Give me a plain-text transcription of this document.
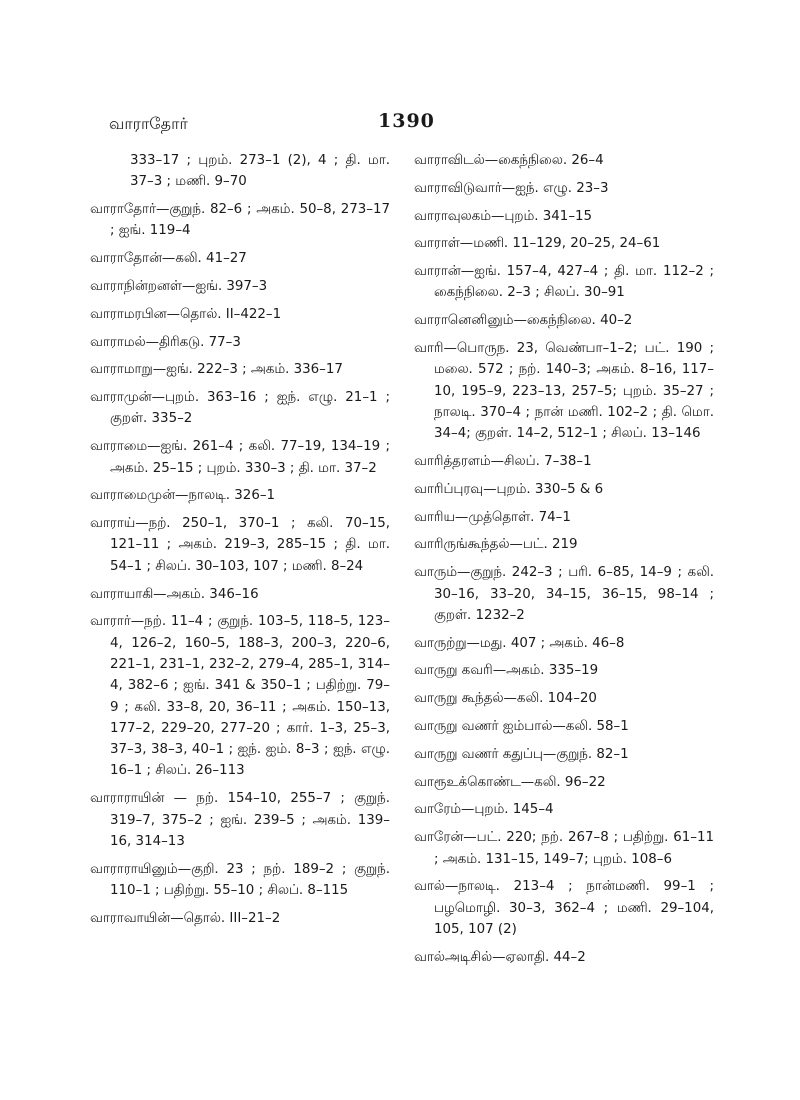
வாராதோர்	1390
333–17 ; புறம். 273–1 (2), 4 ; தி. மா. 37–3 ; மணி. 9–70
வாராதோர்—குறுந். 82–6 ; அகம். 50–8, 273–17 ; ஐங். 119–4
வாராதோன்—கலி. 41–27
வாராநின்றனள்—ஐங். 397–3
வாராமரபின—தொல். II–422–1
வாராமல்—திரிகடு. 77–3
வாராமாறு—ஐங். 222–3 ; அகம். 336–17
வாராமுன்—புறம். 363–16 ; ஐந். எழு. 21–1 ; குறள். 335–2
வாராமை—ஐங். 261–4 ; கலி. 77–19, 134–19 ; அகம். 25–15 ; புறம். 330–3 ; தி. மா. 37–2
வாராமைமுன்—நாலடி. 326–1
வாராய்—நற். 250–1, 370–1 ; கலி. 70–15, 121–11 ; அகம். 219–3, 285–15 ; தி. மா. 54–1 ; சிலப். 30–103, 107 ; மணி. 8–24
வாராயாகி—அகம். 346–16
வாரார்—நற். 11–4 ; குறுந். 103–5, 118–5, 123–4, 126–2, 160–5, 188–3, 200–3, 220–6, 221–1, 231–1, 232–2, 279–4, 285–1, 314–4, 382–6 ; ஐங். 341 & 350–1 ; பதிற்று. 79–9 ; கலி. 33–8, 20, 36–11 ; அகம். 150–13, 177–2, 229–20, 277–20 ; கார். 1–3, 25–3, 37–3, 38–3, 40–1 ; ஐந். ஐம். 8–3 ; ஐந். எழு. 16–1 ; சிலப். 26–113
வாராராயின் — நற். 154–10, 255–7 ; குறுந். 319–7, 375–2 ; ஐங். 239–5 ; அகம். 139–16, 314–13
வாராராயினும்—குறி. 23 ; நற். 189–2 ; குறுந். 110–1 ; பதிற்று. 55–10 ; சிலப். 8–115
வாராவாயின்—தொல். III–21–2
வாராவிடல்—கைந்நிலை. 26–4
வாராவிடுவார்—ஐந். எழு. 23–3
வாராவுலகம்—புறம். 341–15
வாராள்—மணி. 11–129, 20–25, 24–61
வாரான்—ஐங். 157–4, 427–4 ; தி. மா. 112–2 ; கைந்நிலை. 2–3 ; சிலப். 30–91
வாரானெனினும்—கைந்நிலை. 40–2
வாரி—பொருந. 23, வெண்பா–1–2; பட். 190 ; மலை. 572 ; நற். 140–3; அகம். 8–16, 117–10, 195–9, 223–13, 257–5; புறம். 35–27 ; நாலடி. 370–4 ; நான் மணி. 102–2 ; தி. மொ. 34–4; குறள். 14–2, 512–1 ; சிலப். 13–146
வாரித்தரளம்—சிலப். 7–38–1
வாரிப்புரவு—புறம். 330–5 & 6
வாரிய—முத்தொள். 74–1
வாரிருங்கூந்தல்—பட். 219
வாரும்—குறுந். 242–3 ; பரி. 6–85, 14–9 ; கலி. 30–16, 33–20, 34–15, 36–15, 98–14 ; குறள். 1232–2
வாருற்று—மது. 407 ; அகம். 46–8
வாருறு கவரி—அகம். 335–19
வாருறு கூந்தல்—கலி. 104–20
வாருறு வணர் ஐம்பால்—கலி. 58–1
வாருறு வணர் கதுப்பு—குறுந். 82–1
வாரூஉக்கொண்ட—கலி. 96–22
வாரேம்—புறம். 145–4
வாரேன்—பட். 220; நற். 267–8 ; பதிற்று. 61–11 ; அகம். 131–15, 149–7; புறம். 108–6
வால்—நாலடி. 213–4 ; நான்மணி. 99–1 ; பழமொழி. 30–3, 362–4 ; மணி. 29–104, 105, 107 (2)
வால்அடிசில்—ஏலாதி. 44–2
